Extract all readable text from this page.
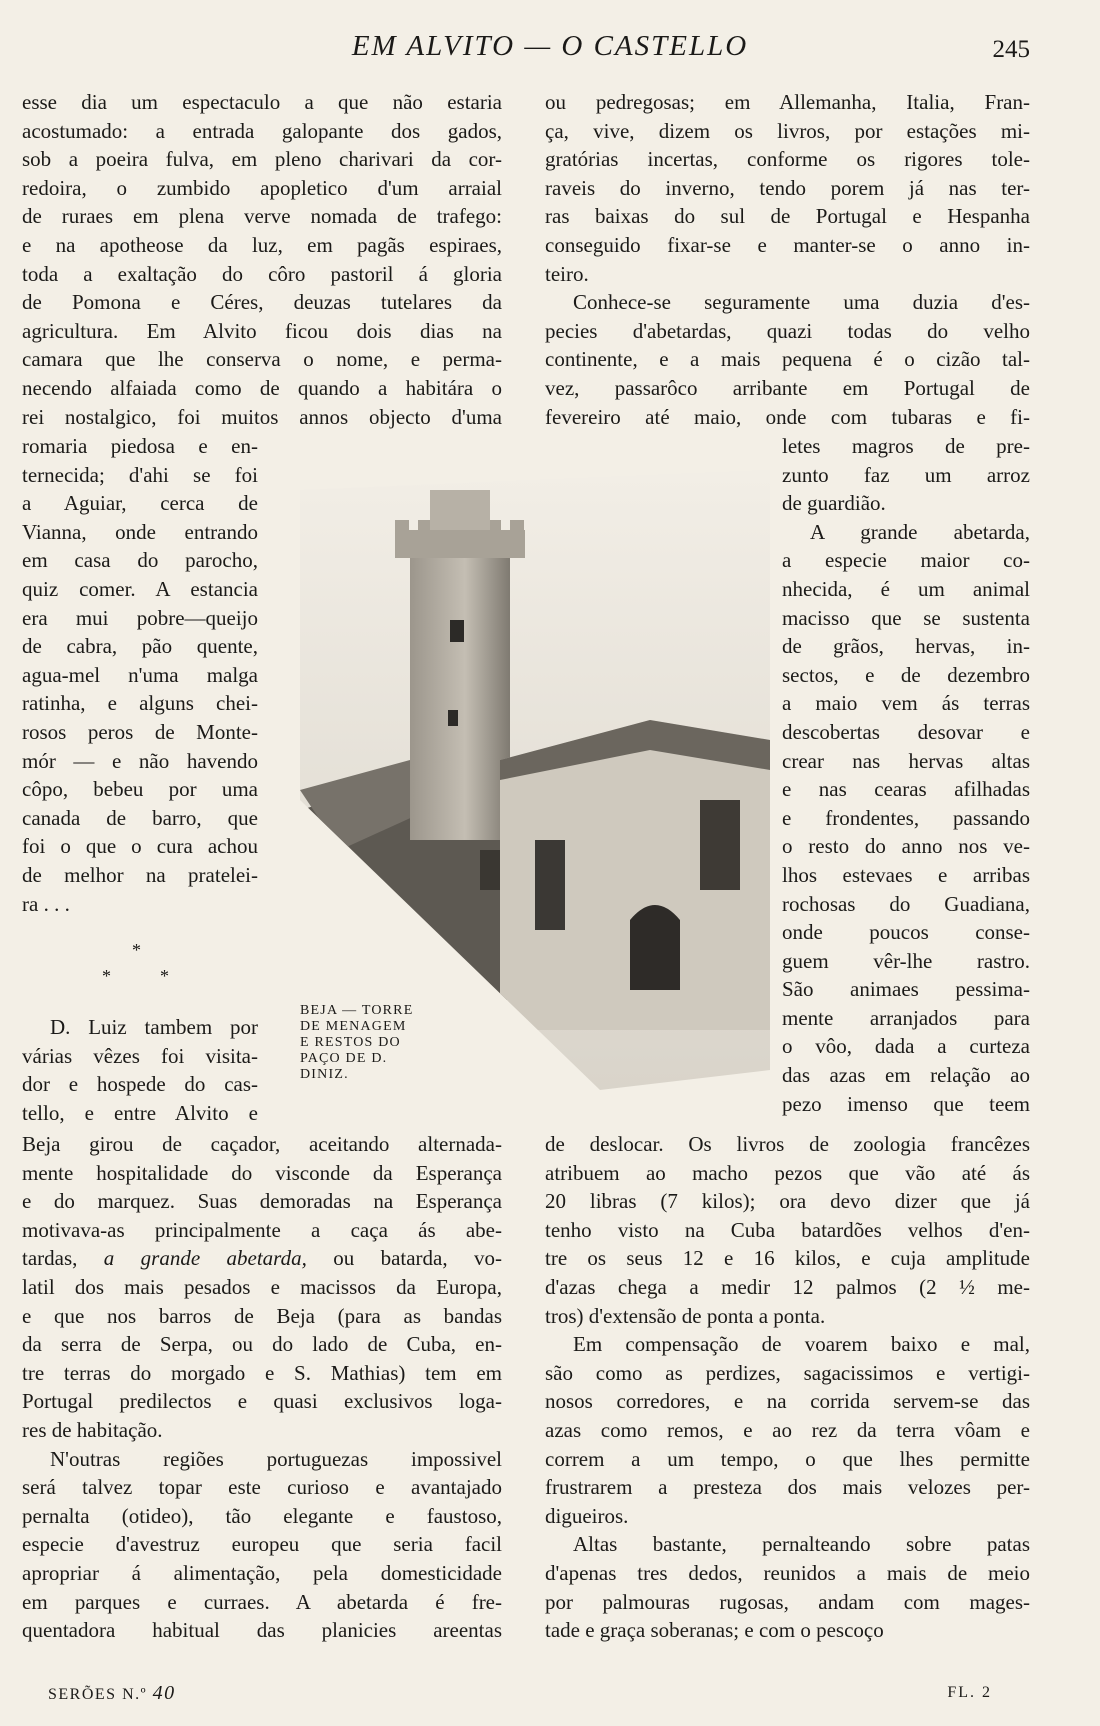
EM ALVITO — O CASTELLO	245
esse dia um espectaculo a que não estaria
acostumado: a entrada galopante dos gados,
sob a poeira fulva, em pleno charivari da cor-
redoira, o zumbido apopletico d'um arraial
de ruraes em plena verve nomada de trafego:
e na apotheose da luz, em pagãs espiraes,
toda a exaltação do côro pastoril á gloria
de Pomona e Céres, deuzas tutelares da
agricultura. Em Alvito ficou dois dias na
camara que lhe conserva o nome, e perma-
necendo alfaiada como de quando a habitára o
rei nostalgico, foi muitos annos objecto d'uma
romaria piedosa e en-
ternecida; d'ahi se foi
a Aguiar, cerca de
Vianna, onde entrando
em casa do parocho,
quiz comer. A estancia
era mui pobre—queijo
de cabra, pão quente,
agua-mel n'uma malga
ratinha, e alguns chei-
rosos peros de Monte-
mór — e não havendo
côpo, bebeu por uma
canada de barro, que
foi o que o cura achou
de melhor na pratelei-
ra . . .
*
*	*
D. Luiz tambem por
várias vêzes foi visita-
dor e hospede do cas-
tello, e entre Alvito e
Beja girou de caçador, aceitando alternada-
mente hospitalidade do visconde da Esperança
e do marquez. Suas demoradas na Esperança
motivava-as principalmente a caça ás abe-
tardas, a grande abetarda, ou batarda, vo-
latil dos mais pesados e macissos da Europa,
e que nos barros de Beja (para as bandas
da serra de Serpa, ou do lado de Cuba, en-
tre terras do morgado e S. Mathias) tem em
Portugal predilectos e quasi exclusivos loga-
res de habitação.
N'outras regiões portuguezas impossivel
será talvez topar este curioso e avantajado
pernalta (otideo), tão elegante e faustoso,
especie d'avestruz europeu que seria facil
apropriar á alimentação, pela domesticidade
em parques e curraes. A abetarda é fre-
quentadora habitual das planicies areentas
ou pedregosas; em Allemanha, Italia, Fran-
ça, vive, dizem os livros, por estações mi-
gratórias incertas, conforme os rigores tole-
raveis do inverno, tendo porem já nas ter-
ras baixas do sul de Portugal e Hespanha
conseguido fixar-se e manter-se o anno in-
teiro.
Conhece-se seguramente uma duzia d'es-
pecies d'abetardas, quazi todas do velho
continente, e a mais pequena é o cizão tal-
vez, passarôco arribante em Portugal de
fevereiro até maio, onde com tubaras e fi-
letes magros de pre-
zunto faz um arroz
de guardião.
A grande abetarda,
a especie maior co-
nhecida, é um animal
macisso que se sustenta
de grãos, hervas, in-
sectos, e de dezembro
a maio vem ás terras
descobertas desovar e
crear nas hervas altas
e nas cearas afilhadas
e frondentes, passando
o resto do anno nos ve-
lhos estevaes e arribas
rochosas do Guadiana,
onde poucos conse-
guem vêr-lhe rastro.
São animaes pessima-
mente arranjados para
o vôo, dada a curteza
das azas em relação ao
pezo imenso que teem
de deslocar. Os livros de zoologia francêzes
atribuem ao macho pezos que vão até ás
20 libras (7 kilos); ora devo dizer que já
tenho visto na Cuba batardões velhos d'en-
tre os seus 12 e 16 kilos, e cuja amplitude
d'azas chega a medir 12 palmos (2 ½ me-
tros) d'extensão de ponta a ponta.
Em compensação de voarem baixo e mal,
são como as perdizes, sagacissimos e vertigi-
nosos corredores, e na corrida servem-se das
azas como remos, e ao rez da terra vôam e
correm a um tempo, o que lhes permitte
frustrarem a presteza dos mais velozes per-
digueiros.
Altas bastante, pernalteando sobre patas
d'apenas tres dedos, reunidos a mais de meio
por palmouras rugosas, andam com mages-
tade e graça soberanas; e com o pescoço
BEJA — TORRE
DE MENAGEM
E RESTOS DO
PAÇO DE D.
DINIZ.
SERÕES N.º 40	FL. 2
